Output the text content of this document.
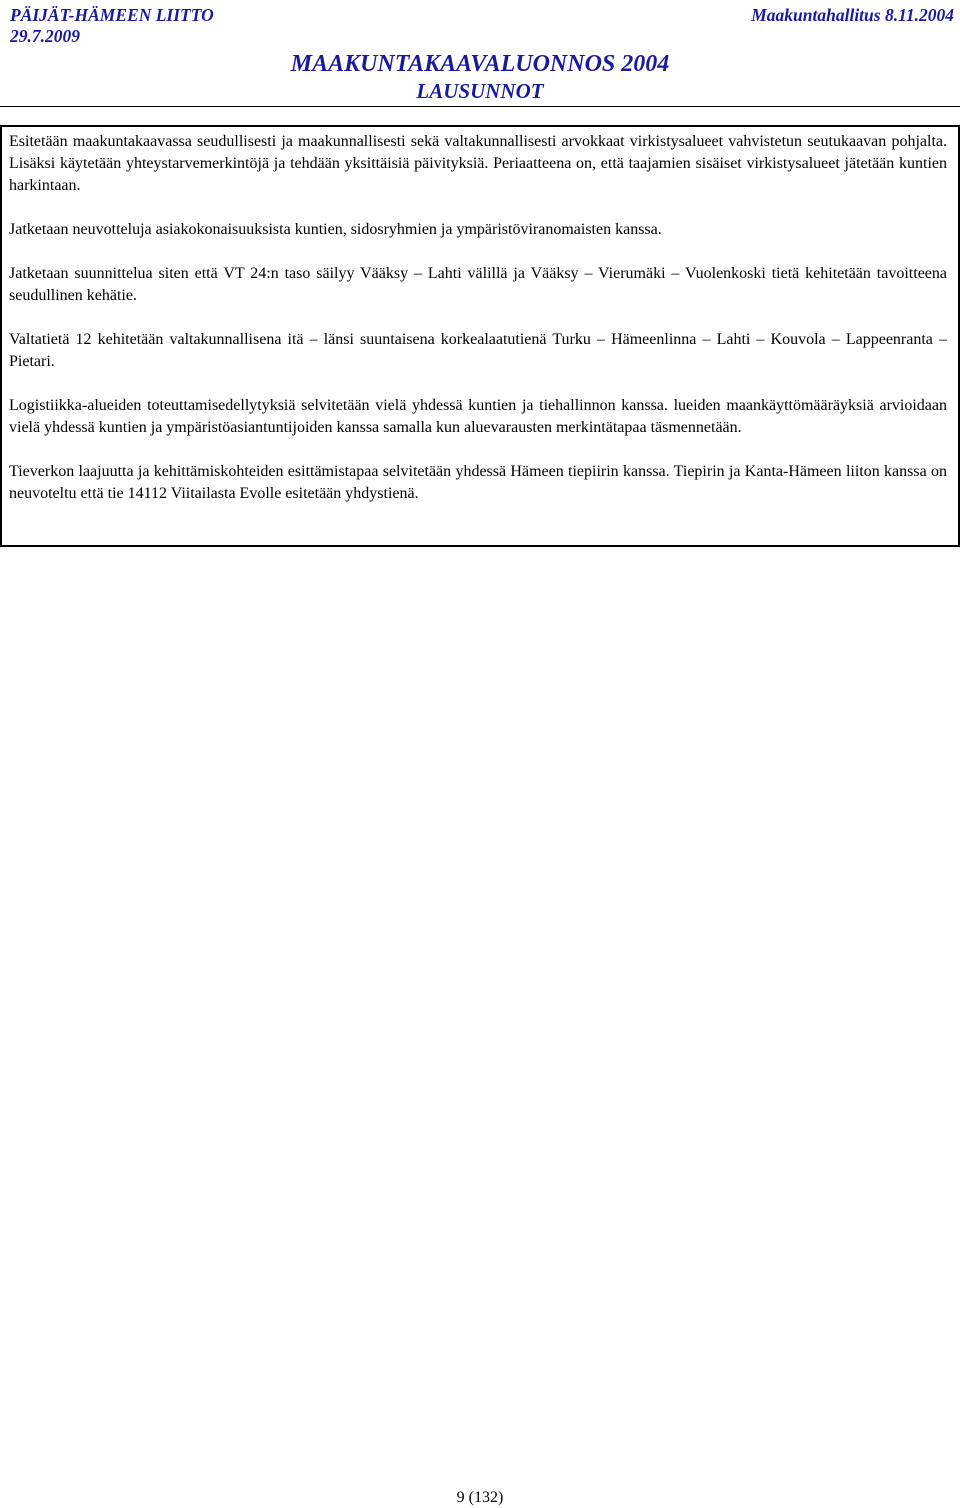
PÄIJÄT-HÄMEEN LIITTO
29.7.2009
Maakuntahallitus 8.11.2004
MAAKUNTAKAAVALUONNOS 2004
LAUSUNNOT

Esitetään maakuntakaavassa seudullisesti ja maakunnallisesti sekä valtakunnallisesti arvokkaat virkistysalueet vahvistetun seutukaavan pohjalta. Lisäksi käytetään yhteystarvemerkintöjä ja tehdään yksittäisiä päivityksiä. Periaatteena on, että taajamien sisäiset virkistysalueet jätetään kuntien harkintaan.

Jatketaan neuvotteluja asiakokonaisuuksista kuntien, sidosryhmien ja ympäristöviranomaisten kanssa.

Jatketaan suunnittelua siten että VT 24:n taso säilyy Vääksy – Lahti välillä ja Vääksy – Vierumäki – Vuolenkoski tietä kehitetään tavoitteena seudullinen kehätie.

Valtatietä 12 kehitetään valtakunnallisena itä – länsi suuntaisena korkealaatutienä Turku – Hämeenlinna – Lahti – Kouvola – Lappeenranta – Pietari.

Logistiikka-alueiden toteuttamisedellytyksiä selvitetään vielä yhdessä kuntien ja tiehallinnon kanssa. lueiden maankäyttömääräyksiä arvioidaan vielä yhdessä kuntien ja ympäristöasiantuntijoiden kanssa samalla kun aluevarausten merkintätapaa täsmennetään.

Tieverkon laajuutta ja kehittämiskohteiden esittämistapaa selvitetään yhdessä Hämeen tiepiirin kanssa. Tiepirin ja Kanta-Hämeen liiton kanssa on neuvoteltu että tie 14112 Viitailasta Evolle esitetään yhdystienä.

9 (132)
